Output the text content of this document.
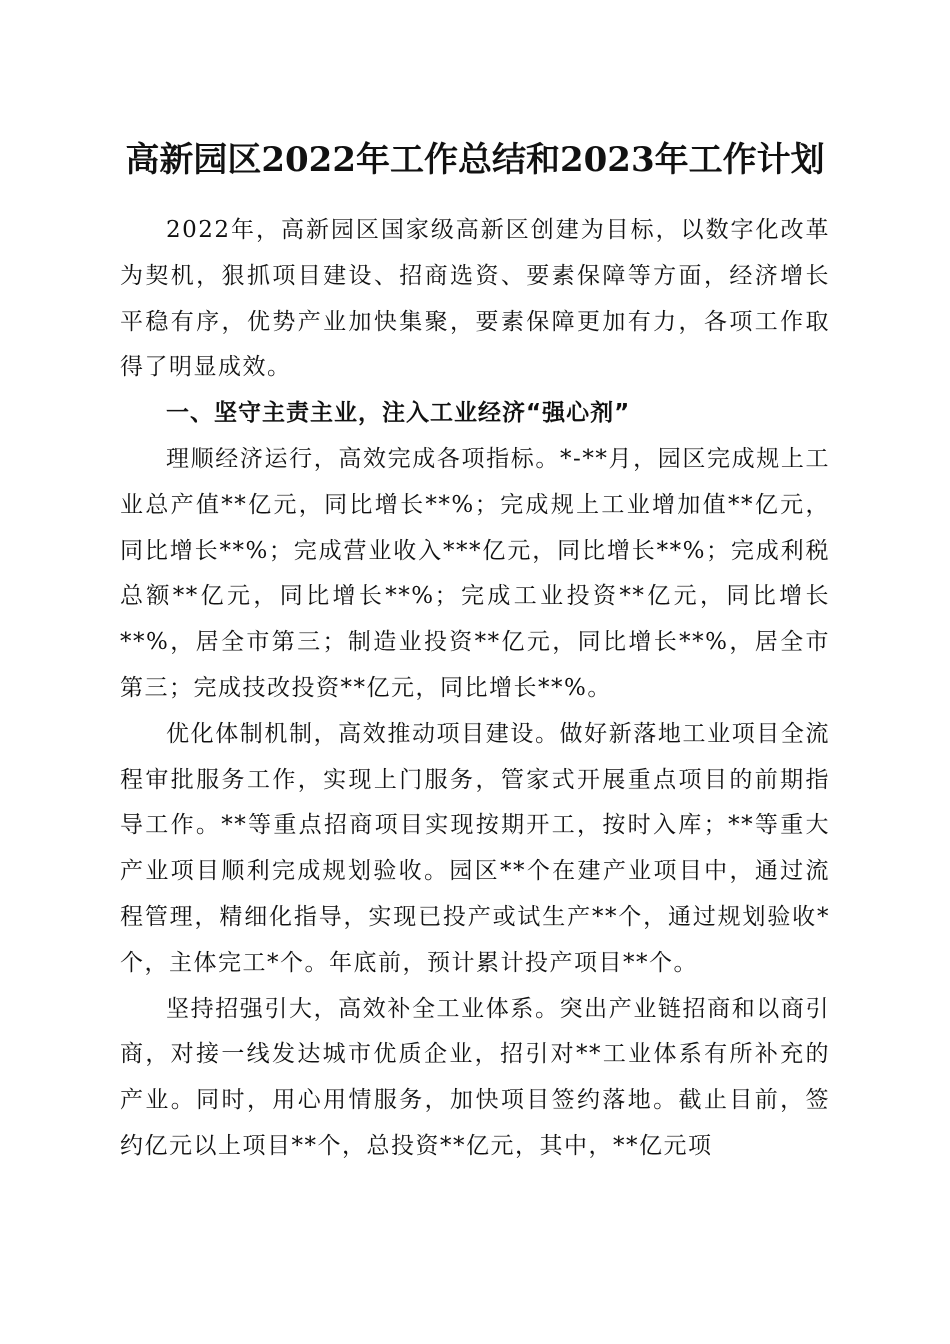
高新园区2022年工作总结和2023年工作计划

2022年，高新园区国家级高新区创建为目标，以数字化改革为契机，狠抓项目建设、招商选资、要素保障等方面，经济增长平稳有序，优势产业加快集聚，要素保障更加有力，各项工作取得了明显成效。

一、坚守主责主业，注入工业经济“强心剂”

理顺经济运行，高效完成各项指标。*-**月，园区完成规上工业总产值**亿元，同比增长**%；完成规上工业增加值**亿元，同比增长**%；完成营业收入***亿元，同比增长**%；完成利税总额**亿元，同比增长**%；完成工业投资**亿元，同比增长**%，居全市第三；制造业投资**亿元，同比增长**%，居全市第三；完成技改投资**亿元，同比增长**%。

优化体制机制，高效推动项目建设。做好新落地工业项目全流程审批服务工作，实现上门服务，管家式开展重点项目的前期指导工作。**等重点招商项目实现按期开工，按时入库；**等重大产业项目顺利完成规划验收。园区**个在建产业项目中，通过流程管理，精细化指导，实现已投产或试生产**个，通过规划验收*个，主体完工*个。年底前，预计累计投产项目**个。

坚持招强引大，高效补全工业体系。突出产业链招商和以商引商，对接一线发达城市优质企业，招引对**工业体系有所补充的产业。同时，用心用情服务，加快项目签约落地。截止目前，签约亿元以上项目**个，总投资**亿元，其中，**亿元项
